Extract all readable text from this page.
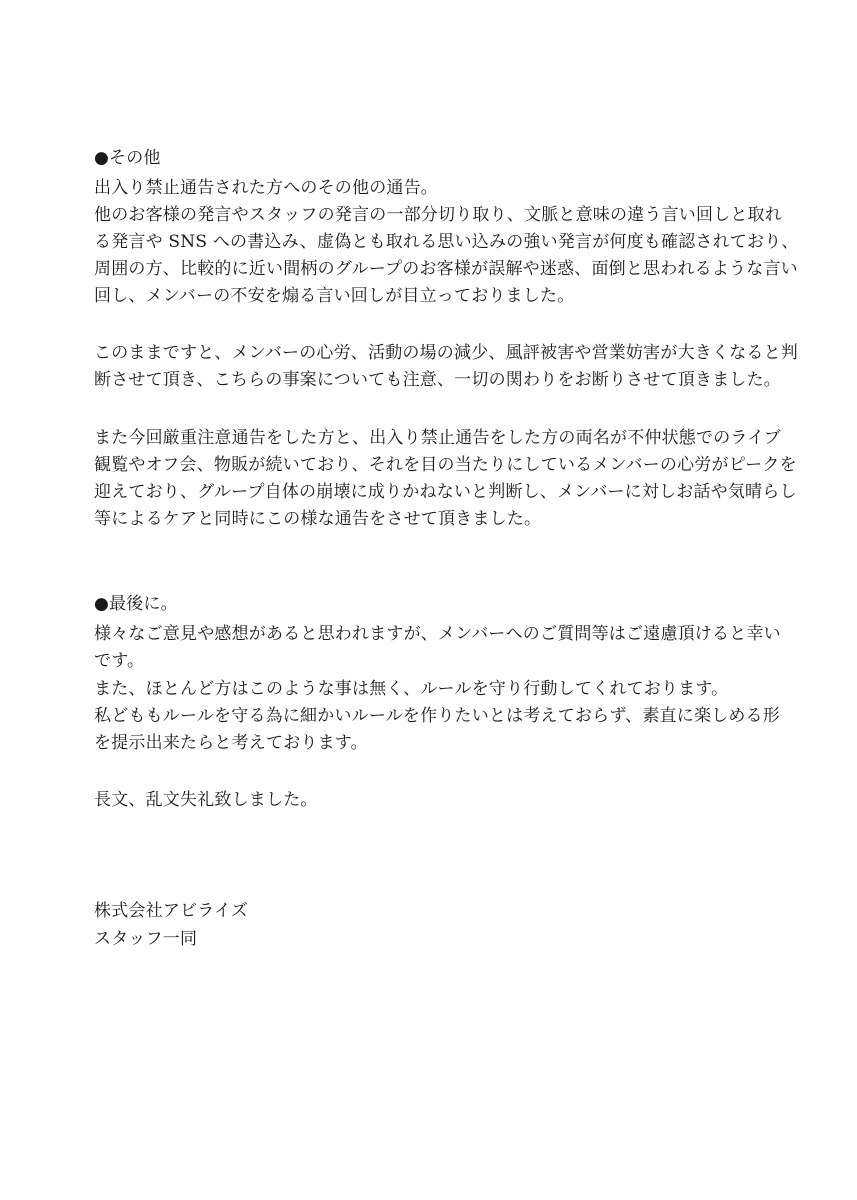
●その他
出入り禁止通告された方へのその他の通告。
他のお客様の発言やスタッフの発言の一部分切り取り、文脈と意味の違う言い回しと取れ
る発言や SNS への書込み、虚偽とも取れる思い込みの強い発言が何度も確認されており、
周囲の方、比較的に近い間柄のグループのお客様が誤解や迷惑、面倒と思われるような言い
回し、メンバーの不安を煽る言い回しが目立っておりました。
このままですと、メンバーの心労、活動の場の減少、風評被害や営業妨害が大きくなると判
断させて頂き、こちらの事案についても注意、一切の関わりをお断りさせて頂きました。
また今回厳重注意通告をした方と、出入り禁止通告をした方の両名が不仲状態でのライブ
観覧やオフ会、物販が続いており、それを目の当たりにしているメンバーの心労がピークを
迎えており、グループ自体の崩壊に成りかねないと判断し、メンバーに対しお話や気晴らし
等によるケアと同時にこの様な通告をさせて頂きました。
●最後に。
様々なご意見や感想があると思われますが、メンバーへのご質問等はご遠慮頂けると幸い
です。
また、ほとんど方はこのような事は無く、ルールを守り行動してくれております。
私どももルールを守る為に細かいルールを作りたいとは考えておらず、素直に楽しめる形
を提示出来たらと考えております。
長文、乱文失礼致しました。
株式会社アビライズ
スタッフ一同
